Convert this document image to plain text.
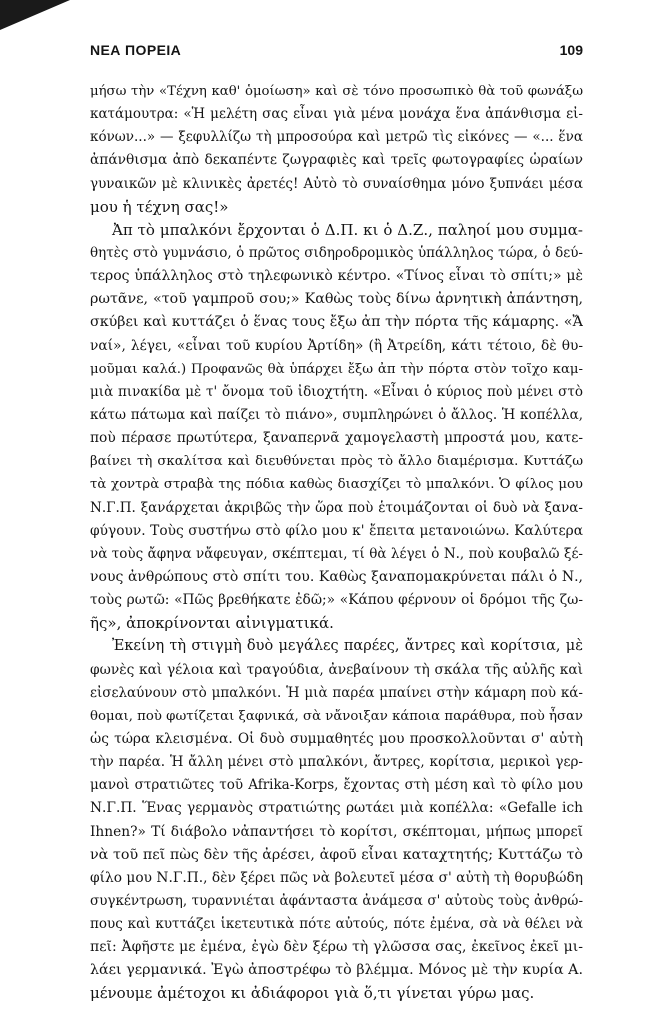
ΝΕΑ ΠΟΡΕΙΑ	109
μήσω τὴν «Τέχνη καθ' ὁμοίωση» καὶ σὲ τόνο προσωπικὸ θὰ τοῦ φωνάξω
κατάμουτρα: «Ἡ μελέτη σας εἶναι γιὰ μένα μονάχα ἕνα ἀπάνθισμα εἰ-
κόνων...» — ξεφυλλίζω τὴ μπροσούρα καὶ μετρῶ τὶς εἰκόνες — «... ἕνα
ἀπάνθισμα ἀπὸ δεκαπέντε ζωγραφιὲς καὶ τρεῖς φωτογραφίες ὡραίων
γυναικῶν μὲ κλινικὲς ἀρετές! Αὐτὸ τὸ συναίσθημα μόνο ξυπνάει μέσα
μου ἡ τέχνη σας!»
Ἀπ τὸ μπαλκόνι ἔρχονται ὁ Δ.Π. κι ὁ Δ.Ζ., παληοί μου συμμα-
θητὲς στὸ γυμνάσιο, ὁ πρῶτος σιδηροδρομικὸς ὑπάλληλος τώρα, ὁ δεύ-
τερος ὑπάλληλος στὸ τηλεφωνικὸ κέντρο. «Τίνος εἶναι τὸ σπίτι;» μὲ
ρωτᾶνε, «τοῦ γαμπροῦ σου;» Καθὼς τοὺς δίνω ἀρνητικὴ ἀπάντηση,
σκύβει καὶ κυττάζει ὁ ἕνας τους ἔξω ἀπ τὴν πόρτα τῆς κάμαρης. «Ἄ
ναί», λέγει, «εἶναι τοῦ κυρίου Ἀρτίδη» (ἢ Ἀτρείδη, κάτι τέτοιο, δὲ θυ-
μοῦμαι καλά.) Προφανῶς θὰ ὑπάρχει ἔξω ἀπ τὴν πόρτα στὸν τοῖχο καμ-
μιὰ πινακίδα μὲ τ' ὄνομα τοῦ ἰδιοχτήτη. «Εἶναι ὁ κύριος ποὺ μένει στὸ
κάτω πάτωμα καὶ παίζει τὸ πιάνο», συμπληρώνει ὁ ἄλλος. Ἡ κοπέλλα,
ποὺ πέρασε πρωτύτερα, ξαναπερνᾶ χαμογελαστὴ μπροστά μου, κατε-
βαίνει τὴ σκαλίτσα καὶ διευθύνεται πρὸς τὸ ἄλλο διαμέρισμα. Κυττάζω
τὰ χοντρὰ στραβὰ της πόδια καθὼς διασχίζει τὸ μπαλκόνι. Ὁ φίλος μου
Ν.Γ.Π. ξανάρχεται ἀκριβῶς τὴν ὥρα ποὺ ἑτοιμάζονται οἱ δυὸ νὰ ξανα-
φύγουν. Τοὺς συστήνω στὸ φίλο μου κ' ἔπειτα μετανοιώνω. Καλύτερα
νὰ τοὺς ἄφηνα νἄφευγαν, σκέπτεμαι, τί θὰ λέγει ὁ Ν., ποὺ κουβαλῶ ξέ-
νους ἀνθρώπους στὸ σπίτι του. Καθὼς ξαναπομακρύνεται πάλι ὁ Ν.,
τοὺς ρωτῶ: «Πῶς βρεθήκατε ἐδῶ;» «Κάπου φέρνουν οἱ δρόμοι τῆς ζω-
ῆς», ἀποκρίνονται αἰνιγματικά.
Ἐκείνη τὴ στιγμὴ δυὸ μεγάλες παρέες, ἄντρες καὶ κορίτσια, μὲ
φωνὲς καὶ γέλοια καὶ τραγούδια, ἀνεβαίνουν τὴ σκάλα τῆς αὐλῆς καὶ
εἰσελαύνουν στὸ μπαλκόνι. Ἡ μιὰ παρέα μπαίνει στὴν κάμαρη ποὺ κά-
θομαι, ποὺ φωτίζεται ξαφνικά, σὰ νἄνοιξαν κάποια παράθυρα, ποὺ ἦσαν
ὡς τώρα κλεισμένα. Οἱ δυὸ συμμαθητές μου προσκολλοῦνται σ' αὐτὴ
τὴν παρέα. Ἡ ἄλλη μένει στὸ μπαλκόνι, ἄντρες, κορίτσια, μερικοὶ γερ-
μανοὶ στρατιῶτες τοῦ Afrika-Korps, ἔχοντας στὴ μέση καὶ τὸ φίλο μου
Ν.Γ.Π. Ἕνας γερμανὸς στρατιώτης ρωτάει μιὰ κοπέλλα: «Gefalle ich
Ihnen?» Τί διάβολο νἀπαντήσει τὸ κορίτσι, σκέπτομαι, μήπως μπορεῖ
νὰ τοῦ πεῖ πὼς δὲν τῆς ἀρέσει, ἀφοῦ εἶναι καταχτητής; Κυττάζω τὸ
φίλο μου Ν.Γ.Π., δὲν ξέρει πῶς νὰ βολευτεῖ μέσα σ' αὐτὴ τὴ θορυβώδη
συγκέντρωση, τυραννιέται ἀφάνταστα ἀνάμεσα σ' αὐτοὺς τοὺς ἀνθρώ-
πους καὶ κυττάζει ἱκετευτικὰ πότε αὐτούς, πότε ἐμένα, σὰ νὰ θέλει νὰ
πεῖ: Ἀφῆστε με ἐμένα, ἐγὼ δὲν ξέρω τὴ γλῶσσα σας, ἐκεῖνος ἐκεῖ μι-
λάει γερμανικά. Ἐγὼ ἀποστρέφω τὸ βλέμμα. Μόνος μὲ τὴν κυρία Α.
μένουμε ἀμέτοχοι κι ἀδιάφοροι γιὰ ὅ,τι γίνεται γύρω μας.
